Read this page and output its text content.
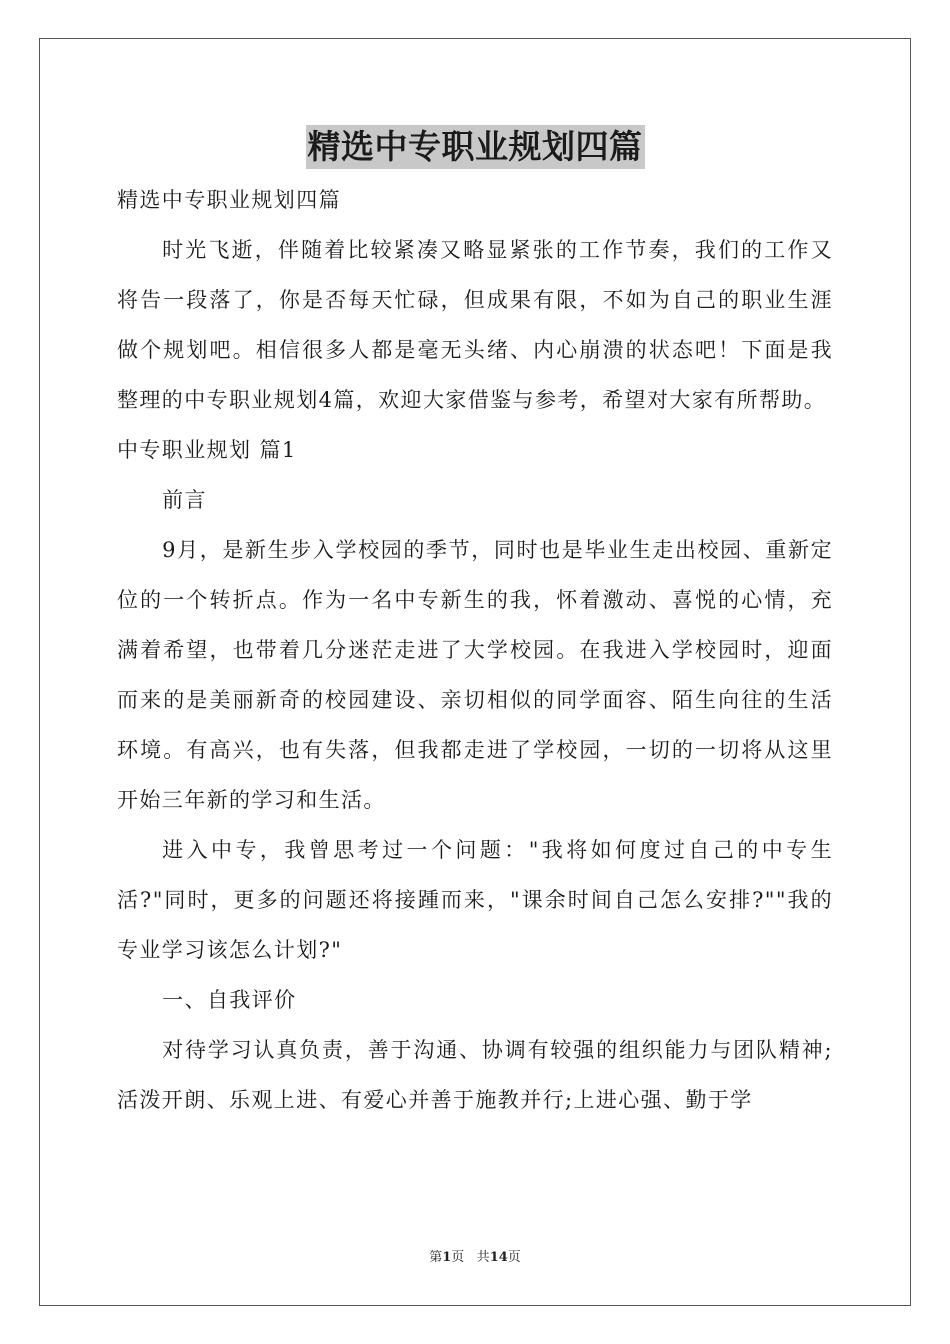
精选中专职业规划四篇

精选中专职业规划四篇

时光飞逝，伴随着比较紧凑又略显紧张的工作节奏，我们的工作又将告一段落了，你是否每天忙碌，但成果有限，不如为自己的职业生涯做个规划吧。相信很多人都是毫无头绪、内心崩溃的状态吧！下面是我整理的中专职业规划4篇，欢迎大家借鉴与参考，希望对大家有所帮助。

中专职业规划 篇1

前言

9月，是新生步入学校园的季节，同时也是毕业生走出校园、重新定位的一个转折点。作为一名中专新生的我，怀着激动、喜悦的心情，充满着希望，也带着几分迷茫走进了大学校园。在我进入学校园时，迎面而来的是美丽新奇的校园建设、亲切相似的同学面容、陌生向往的生活环境。有高兴，也有失落，但我都走进了学校园，一切的一切将从这里开始三年新的学习和生活。

进入中专，我曾思考过一个问题："我将如何度过自己的中专生活?"同时，更多的问题还将接踵而来，"课余时间自己怎么安排?""我的专业学习该怎么计划?"

一、自我评价

对待学习认真负责，善于沟通、协调有较强的组织能力与团队精神;活泼开朗、乐观上进、有爱心并善于施教并行;上进心强、勤于学

第1页 共14页
